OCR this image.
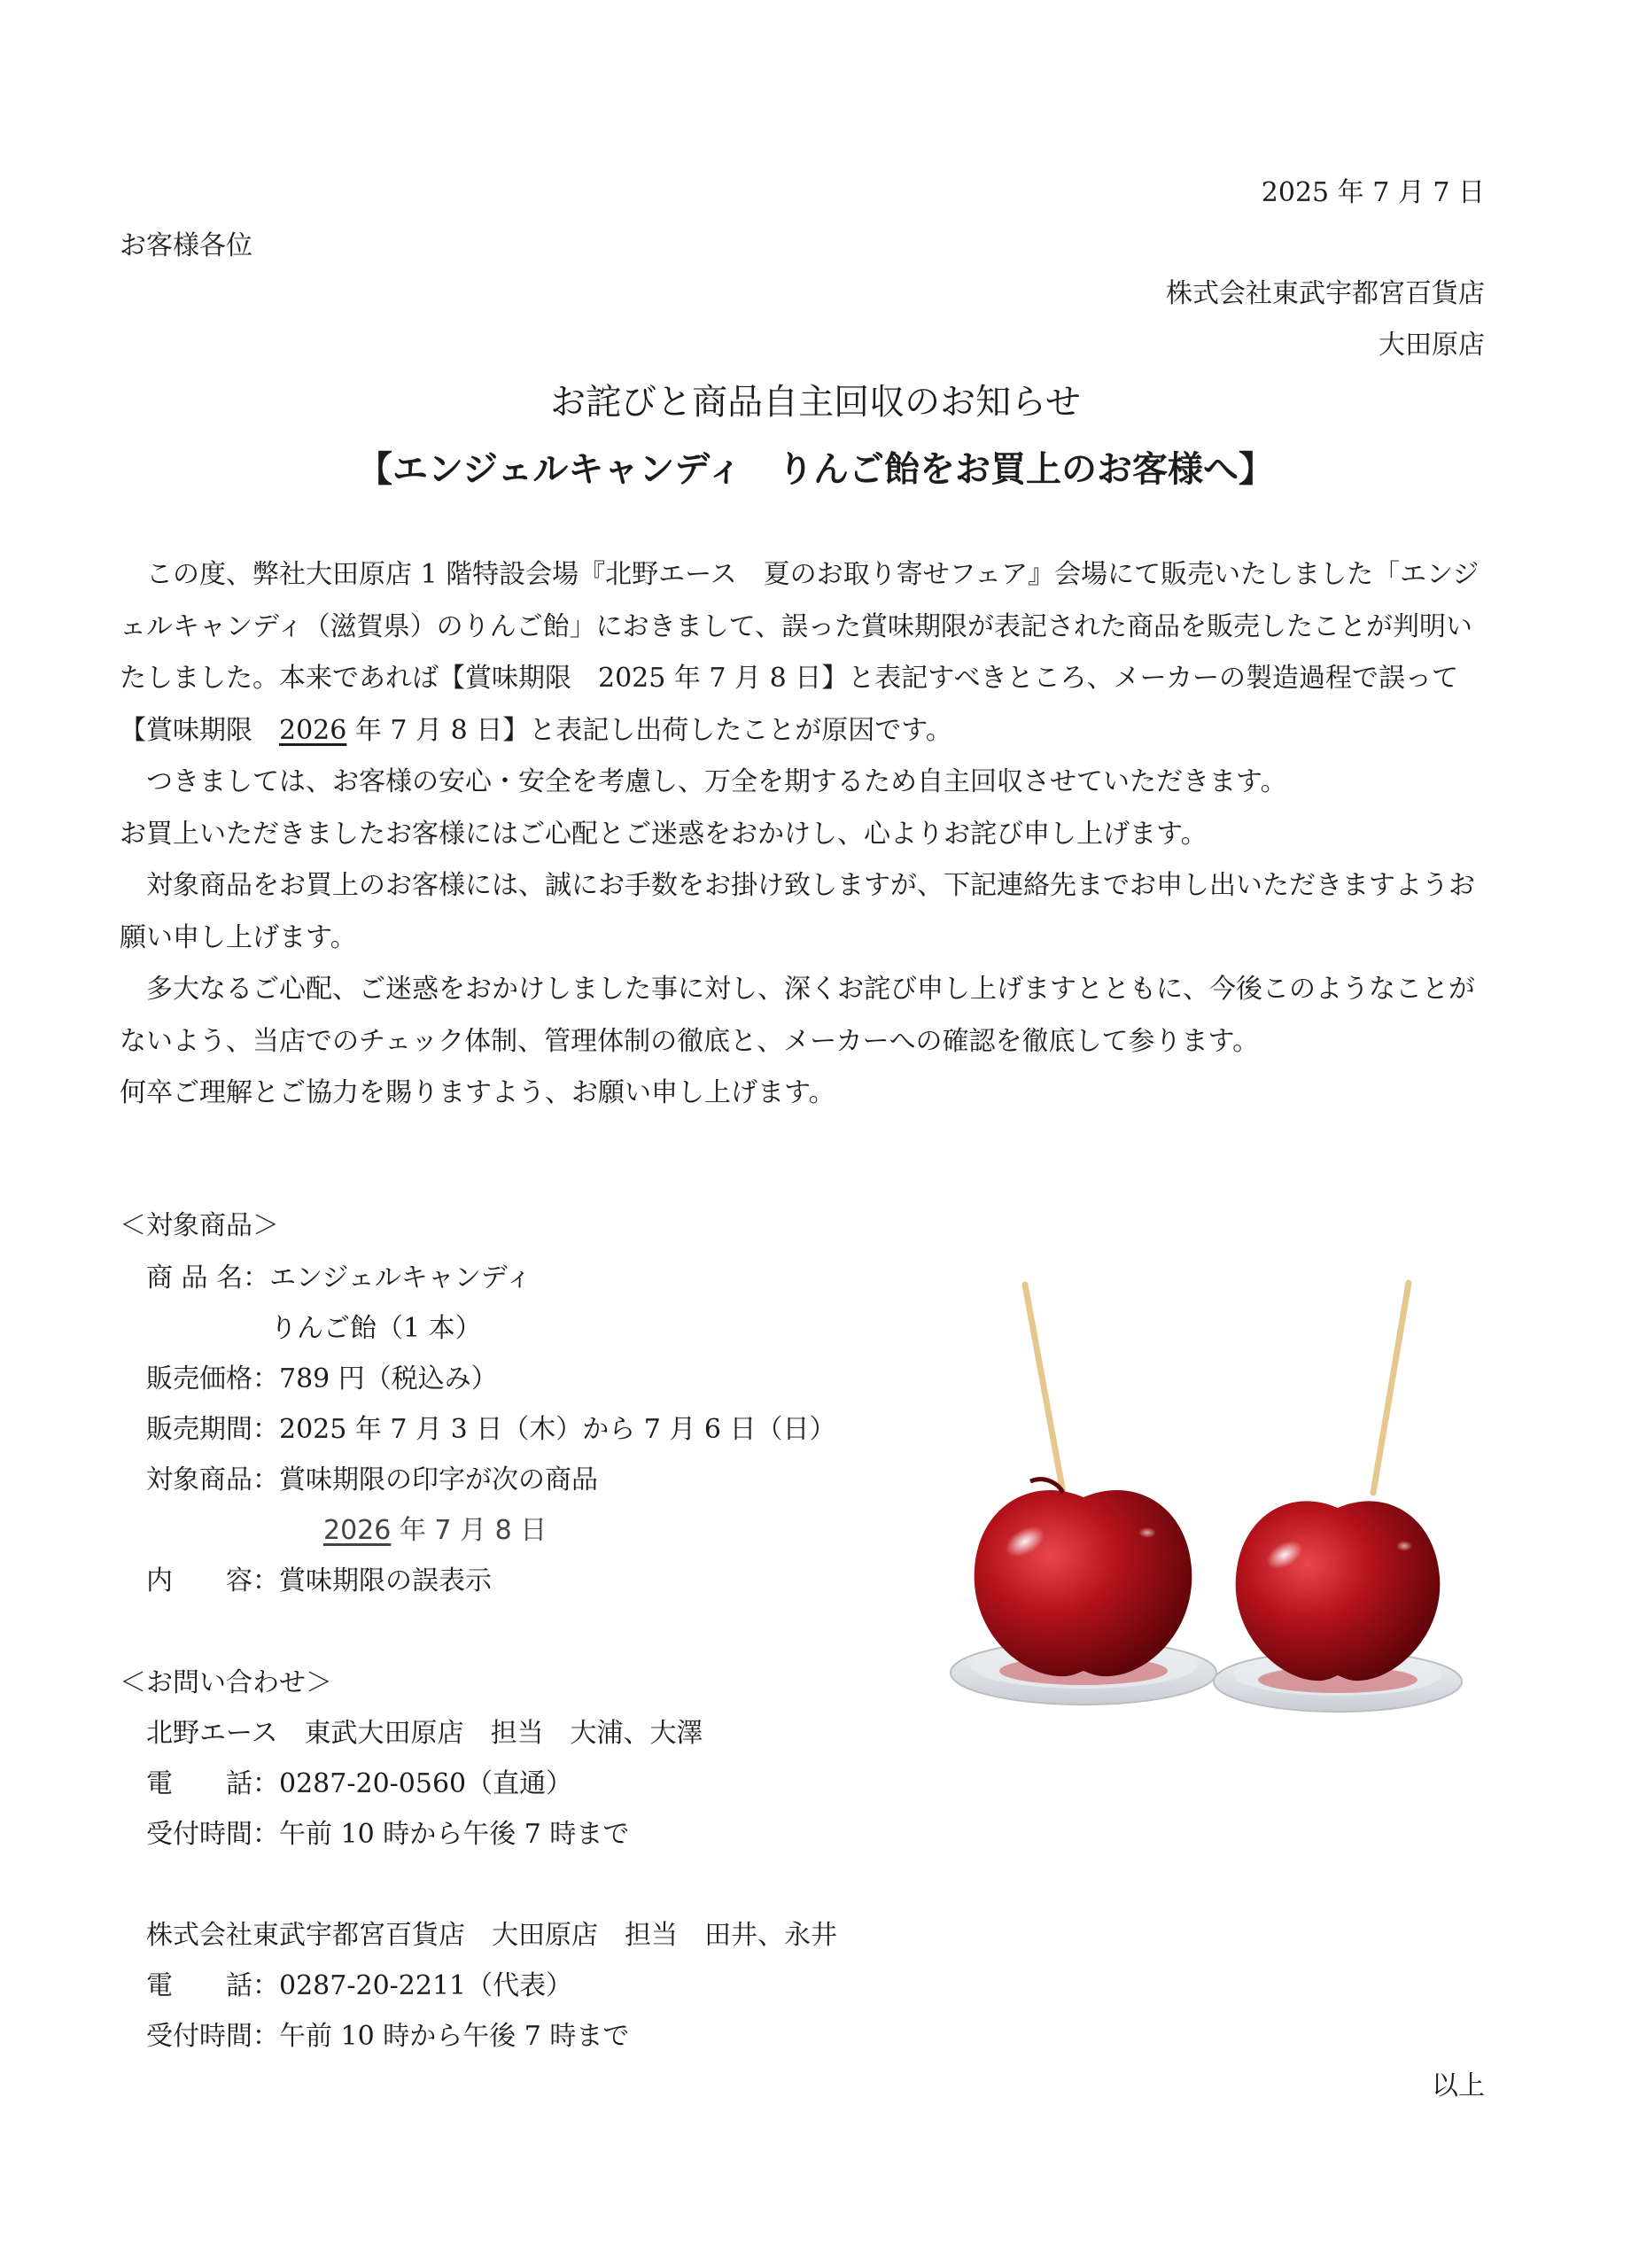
2025 年 7 月 7 日
お客様各位
株式会社東武宇都宮百貨店
大田原店
お詫びと商品自主回収のお知らせ
【エンジェルキャンディ　りんご飴をお買上のお客様へ】

この度、弊社大田原店 1 階特設会場『北野エース　夏のお取り寄せフェア』会場にて販売いたしました「エンジェルキャンディ（滋賀県）のりんご飴」におきまして、誤った賞味期限が表記された商品を販売したことが判明いたしました。本来であれば【賞味期限　2025 年 7 月 8 日】と表記すべきところ、メーカーの製造過程で誤って【賞味期限　2026 年 7 月 8 日】と表記し出荷したことが原因です。

つきましては、お客様の安心・安全を考慮し、万全を期するため自主回収させていただきます。

お買上いただきましたお客様にはご心配とご迷惑をおかけし、心よりお詫び申し上げます。

対象商品をお買上のお客様には、誠にお手数をお掛け致しますが、下記連絡先までお申し出いただきますようお願い申し上げます。

多大なるご心配、ご迷惑をおかけしました事に対し、深くお詫び申し上げますとともに、今後このようなことがないよう、当店でのチェック体制、管理体制の徹底と、メーカーへの確認を徹底して参ります。

何卒ご理解とご協力を賜りますよう、お願い申し上げます。

＜対象商品＞
商 品 名：エンジェルキャンディ
りんご飴（1 本）
販売価格：789 円（税込み）
販売期間：2025 年 7 月 3 日（木）から 7 月 6 日（日）
対象商品：賞味期限の印字が次の商品
2026 年 7 月 8 日
内　　容：賞味期限の誤表示
＜お問い合わせ＞
北野エース　東武大田原店　担当　大浦、大澤
電　　話：0287-20-0560（直通）
受付時間：午前 10 時から午後 7 時まで
株式会社東武宇都宮百貨店　大田原店　担当　田井、永井
電　　話：0287-20-2211（代表）
受付時間：午前 10 時から午後 7 時まで
以上
